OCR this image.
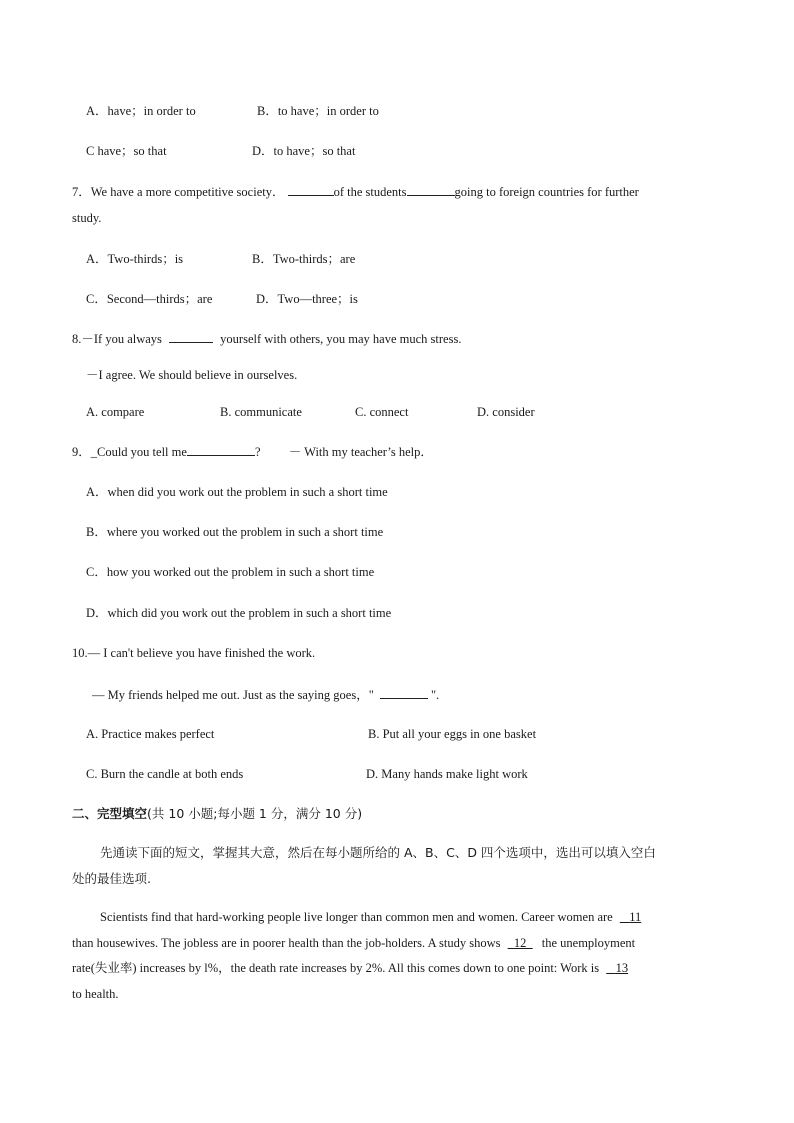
A．have；in order to	B．to have；in order to
C have；so that	D．to have；so that
7．We have a more competitive society．	of the students	going to foreign countries for further
study.
A．Two-thirds；is	B．Two-thirds；are
C．Second—thirds；are	D．Two—three；is
8.－If you always	yourself with others, you may have much stress.
－I agree. We should believe in ourselves.
A. compare	B. communicate	C. connect	D. consider
9．_Could you tell me	? － With my teacher’s help．
A．when did you work out the problem in such a short time
B．where you worked out the problem in such a short time
C．how you worked out the problem in such a short time
D．which did you work out the problem in such a short time
10.— I can't believe you have finished the work.
— My friends helped me out. Just as the saying goes，"	".
A. Practice makes perfect	B. Put all your eggs in one basket
C. Burn the candle at both ends	D. Many hands make light work
二、完型填空(共 10 小题;每小题 1 分，满分 10 分)
先通读下面的短文，掌握其大意，然后在每小题所给的 A、B、C、D 四个选项中，选出可以填入空白
处的最佳选项.
Scientists find that hard-working people live longer than common men and women. Career women are 11
than housewives. The jobless are in poorer health than the job-holders. A study shows 12 the unemployment
rate(失业率) increases by l%，the death rate increases by 2%. All this comes down to one point: Work is 13
to health.
